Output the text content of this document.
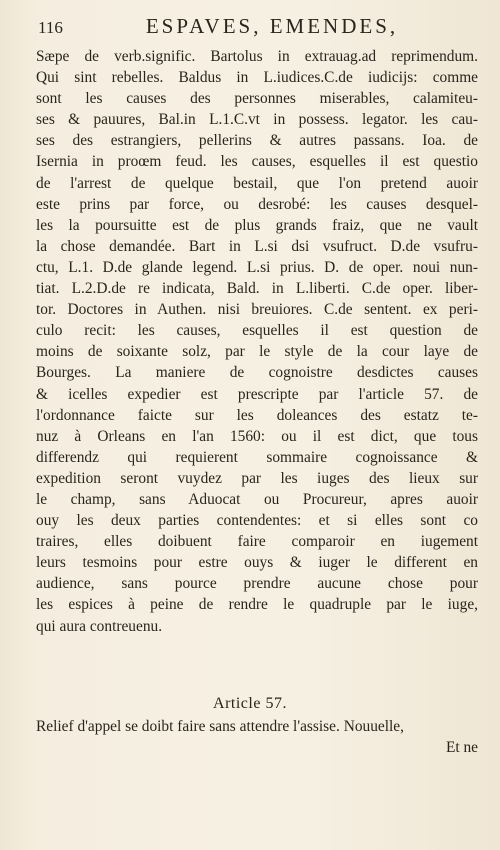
116	ESPAVES, EMENDES,
Sæpe de verb.signific. Bartolus in extrauag.ad reprimendum.
Qui sint rebelles. Baldus in L.iudices.C.de iudicijs: comme
sont les causes des personnes miserables, calamiteu-
ses & pauures, Bal.in L.1.C.vt in possess. legator. les cau-
ses des estrangiers, pellerins & autres passans. Ioa. de
Isernia in proœm feud. les causes, esquelles il est questio
de l'arrest de quelque bestail, que l'on pretend auoir
este prins par force, ou desrobé: les causes desquel-
les la poursuitte est de plus grands fraiz, que ne vault
la chose demandée. Bart in L.si dsi vsufruct. D.de vsufru-
ctu, L.1. D.de glande legend. L.si prius. D. de oper. noui nun-
tiat. L.2.D.de re indicata, Bald. in L.liberti. C.de oper. liber-
tor. Doctores in Authen. nisi breuiores. C.de sentent. ex peri-
culo recit: les causes, esquelles il est question de
moins de soixante solz, par le style de la cour laye de
Bourges. La maniere de cognoistre desdictes causes
& icelles expedier est prescripte par l'article 57. de
l'ordonnance faicte sur les doleances des estatz te-
nuz à Orleans en l'an 1560: ou il est dict, que tous
differendz qui requierent sommaire cognoissance &
expedition seront vuydez par les iuges des lieux sur
le champ, sans Aduocat ou Procureur, apres auoir
ouy les deux parties contendentes: et si elles sont co
traires, elles doibuent faire comparoir en iugement
leurs tesmoins pour estre ouys & iuger le different en
audience, sans pource prendre aucune chose pour
les espices à peine de rendre le quadruple par le iuge,
qui aura contreuenu.
Article 57.
Relief d'appel se doibt faire sans attendre l'assise. Nouuelle,
Et ne
